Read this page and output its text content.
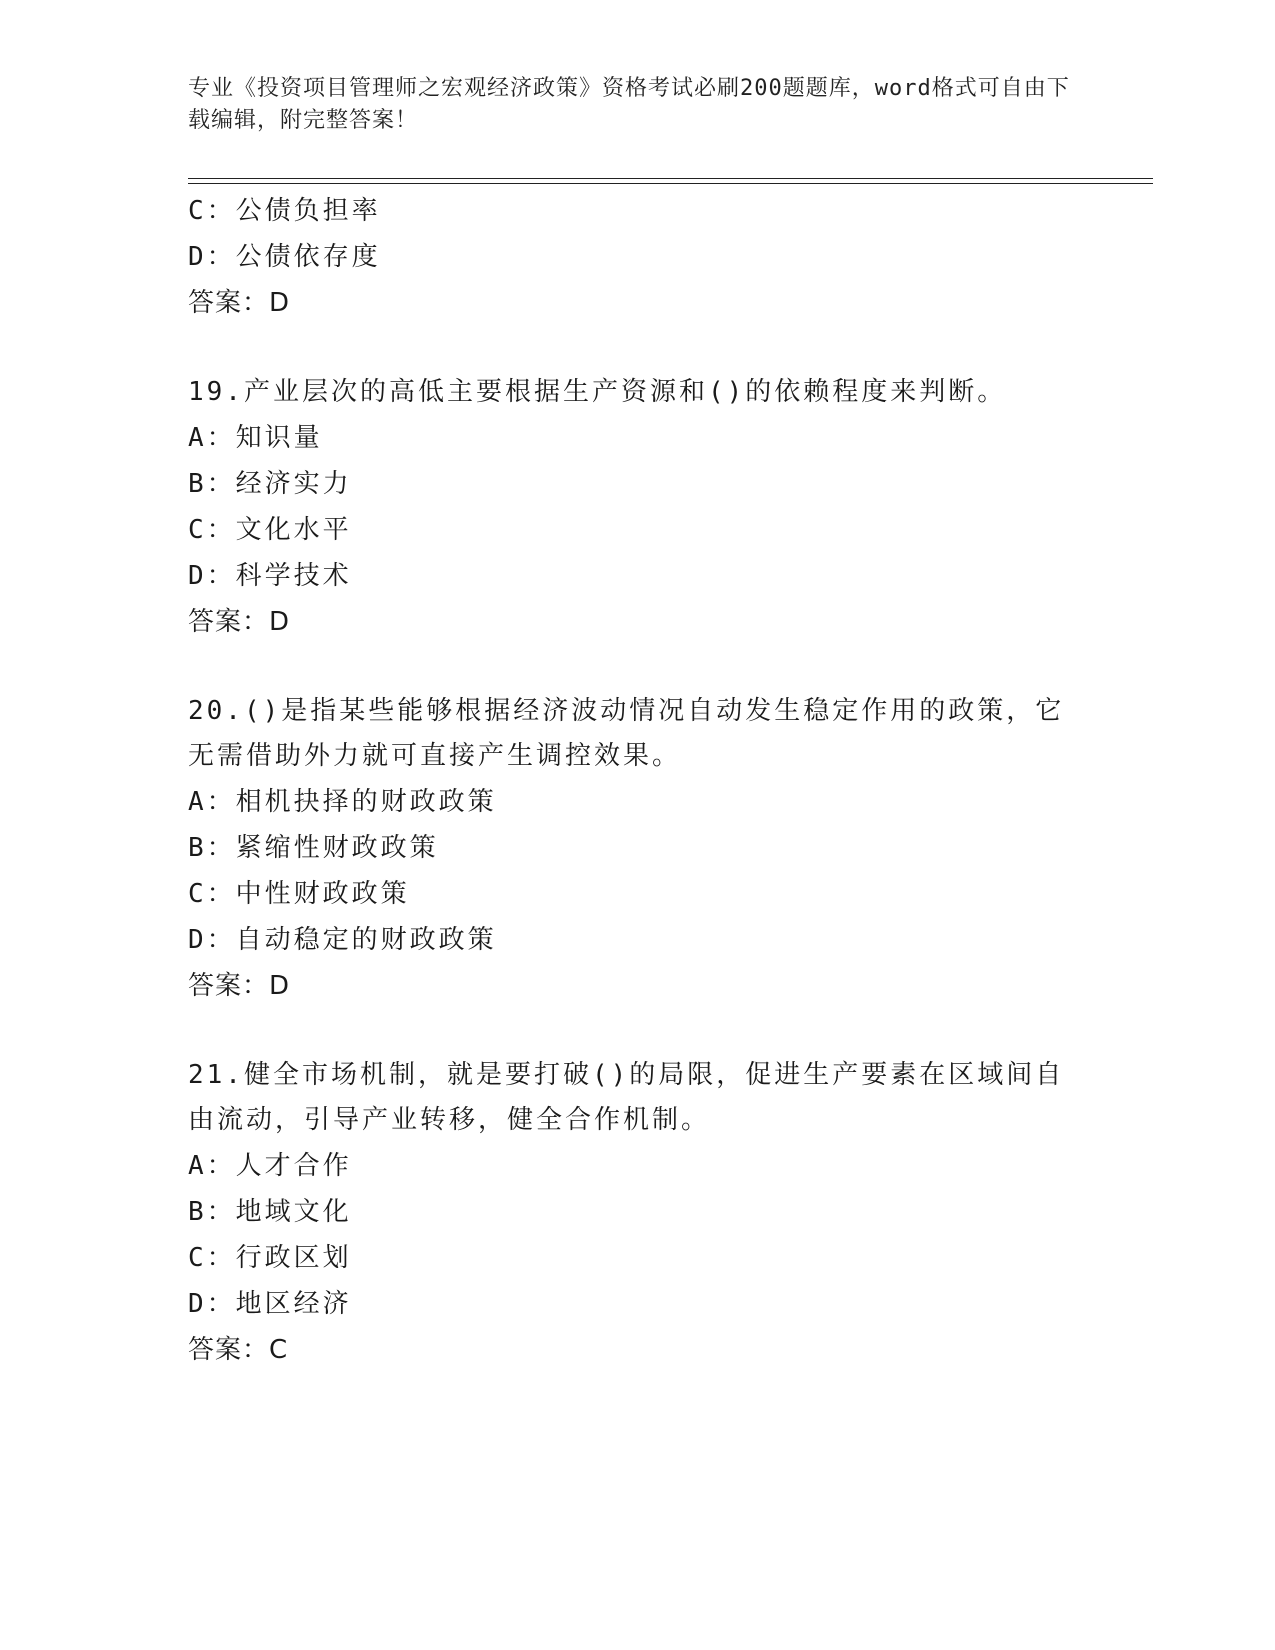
专业《投资项目管理师之宏观经济政策》资格考试必刷200题题库，word格式可自由下载编辑，附完整答案！
C：公债负担率
D：公债依存度
答案：D
19.产业层次的高低主要根据生产资源和()的依赖程度来判断。
A：知识量
B：经济实力
C：文化水平
D：科学技术
答案：D
20.()是指某些能够根据经济波动情况自动发生稳定作用的政策，它无需借助外力就可直接产生调控效果。
A：相机抉择的财政政策
B：紧缩性财政政策
C：中性财政政策
D：自动稳定的财政政策
答案：D
21.健全市场机制，就是要打破()的局限，促进生产要素在区域间自由流动，引导产业转移，健全合作机制。
A：人才合作
B：地域文化
C：行政区划
D：地区经济
答案：C
